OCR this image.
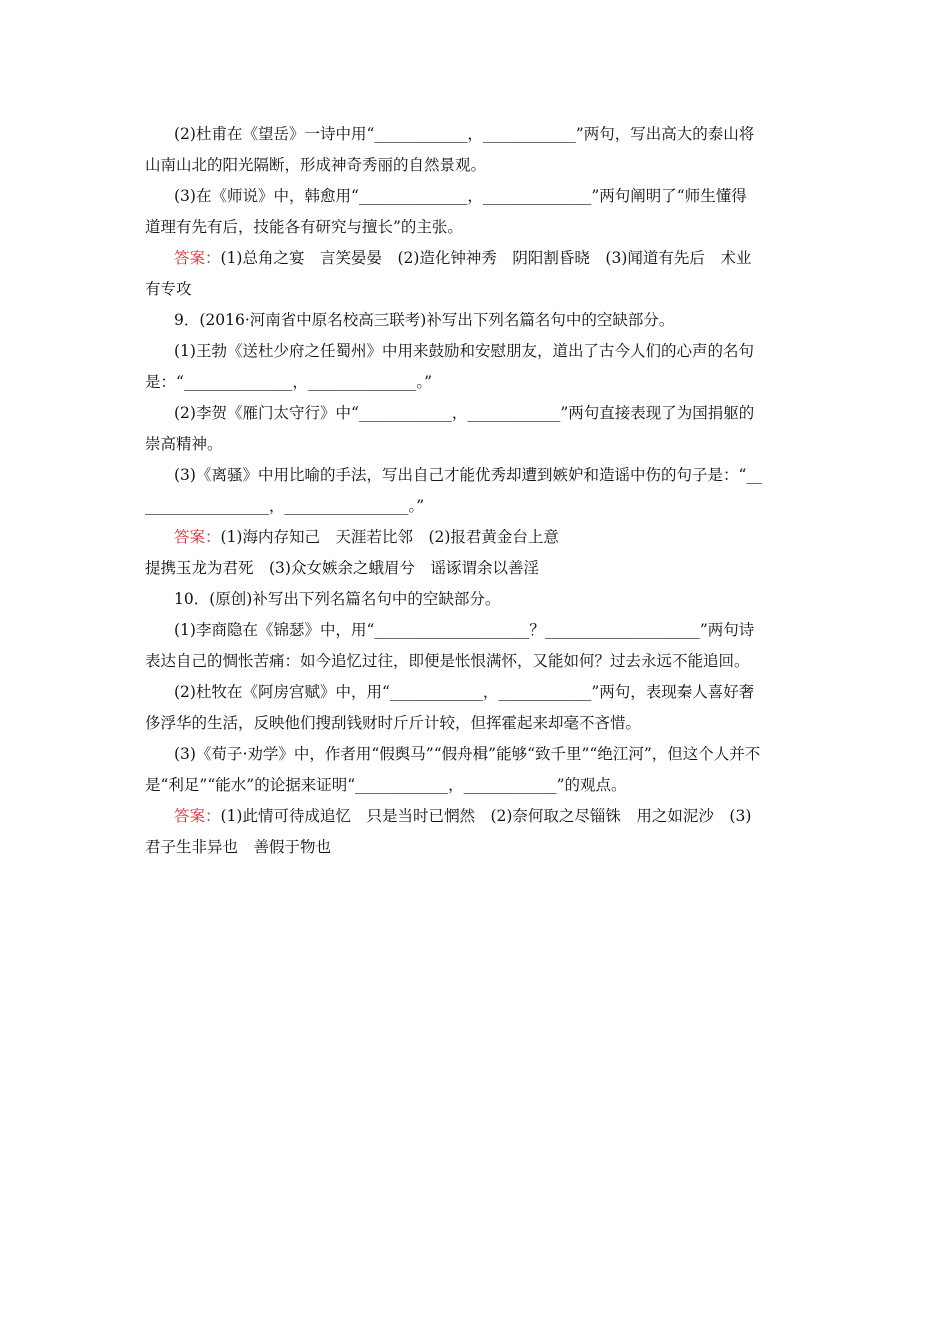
(2)杜甫在《望岳》一诗中用“____________，____________”两句，写出高大的泰山将
山南山北的阳光隔断，形成神奇秀丽的自然景观。
(3)在《师说》中，韩愈用“______________，______________”两句阐明了“师生懂得
道理有先有后，技能各有研究与擅长”的主张。
答案：(1)总角之宴　言笑晏晏　(2)造化钟神秀　阴阳割昏晓　(3)闻道有先后　术业
有专攻
9．(2016·河南省中原名校高三联考)补写出下列名篇名句中的空缺部分。
(1)王勃《送杜少府之任蜀州》中用来鼓励和安慰朋友，道出了古今人们的心声的名句
是：“______________，______________。”
(2)李贺《雁门太守行》中“____________，____________”两句直接表现了为国捐躯的
崇高精神。
(3)《离骚》中用比喻的手法，写出自己才能优秀却遭到嫉妒和造谣中伤的句子是：“__
________________，________________。”
答案：(1)海内存知己　天涯若比邻　(2)报君黄金台上意
提携玉龙为君死　(3)众女嫉余之蛾眉兮　谣诼谓余以善淫
10．(原创)补写出下列名篇名句中的空缺部分。
(1)李商隐在《锦瑟》中，用“____________________？____________________”两句诗
表达自己的惆怅苦痛：如今追忆过往，即便是怅恨满怀，又能如何？过去永远不能追回。
(2)杜牧在《阿房宫赋》中，用“____________，____________”两句，表现秦人喜好奢
侈浮华的生活，反映他们搜刮钱财时斤斤计较，但挥霍起来却毫不吝惜。
(3)《荀子·劝学》中，作者用“假舆马”“假舟楫”能够“致千里”“绝江河”，但这个人并不
是“利足”“能水”的论据来证明“____________，____________”的观点。
答案：(1)此情可待成追忆　只是当时已惘然　(2)奈何取之尽锱铢　用之如泥沙　(3)
君子生非异也　善假于物也
